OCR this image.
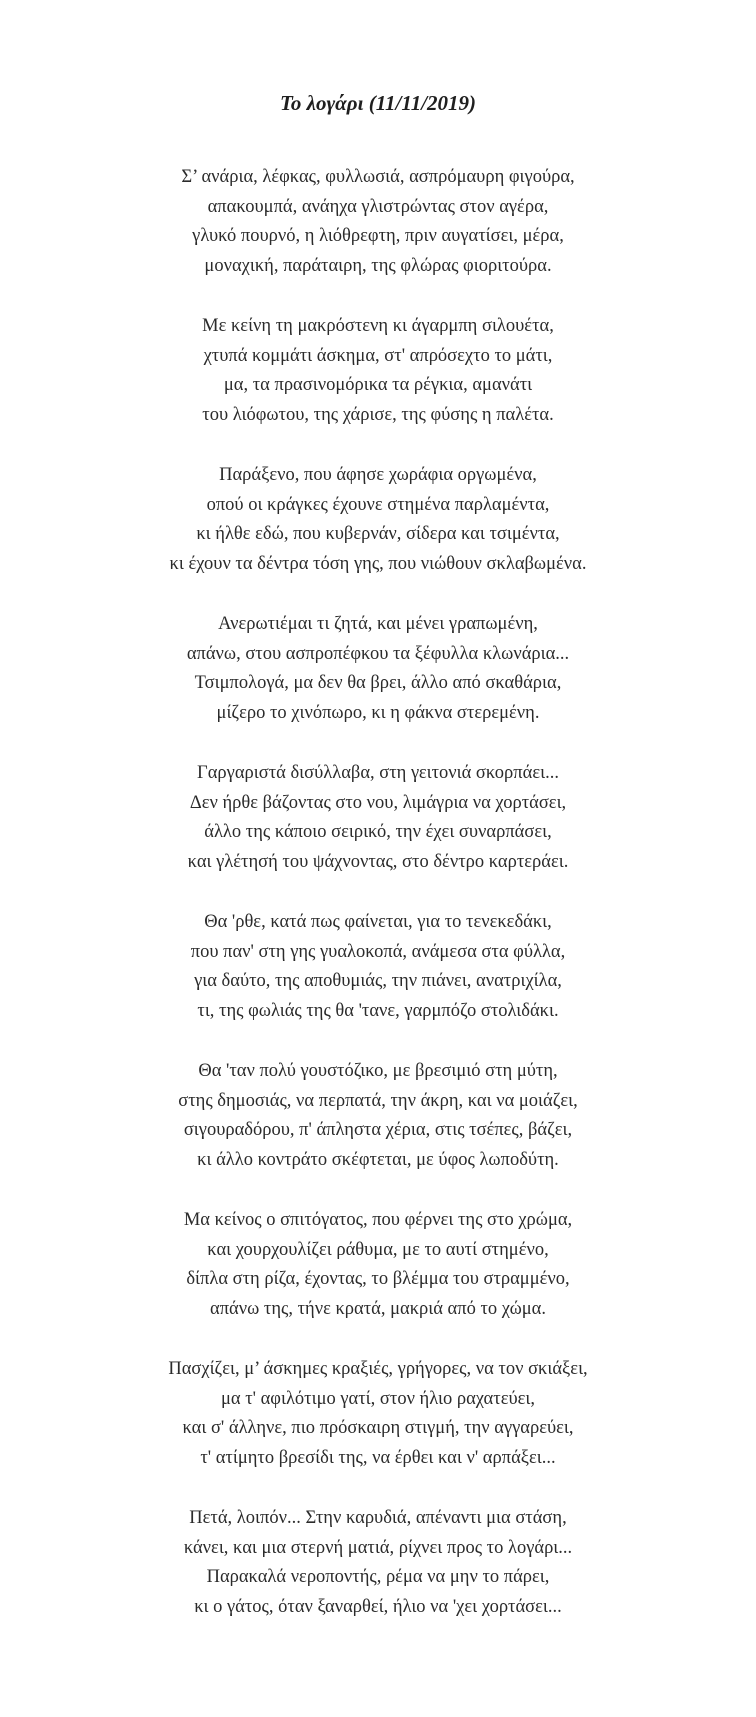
Το λογάρι (11/11/2019)
Σ’ ανάρια, λέφκας, φυλλωσιά, ασπρόμαυρη φιγούρα,
απακουμπά, ανάηχα γλιστρώντας στον αγέρα,
γλυκό πουρνό, η λιόθρεφτη, πριν αυγατίσει, μέρα,
μοναχική, παράταιρη, της φλώρας φιοριτούρα.
Με κείνη τη μακρόστενη κι άγαρμπη σιλουέτα,
χτυπά κομμάτι άσκημα, στ' απρόσεχτο το μάτι,
μα, τα πρασινομόρικα τα ρέγκια, αμανάτι
του λιόφωτου, της χάρισε, της φύσης η παλέτα.
Παράξενο, που άφησε χωράφια οργωμένα,
οπού οι κράγκες έχουνε στημένα παρλαμέντα,
κι ήλθε εδώ, που κυβερνάν, σίδερα και τσιμέντα,
κι έχουν τα δέντρα τόση γης, που νιώθουν σκλαβωμένα.
Ανερωτιέμαι τι ζητά, και μένει γραπωμένη,
απάνω, στου ασπροπέφκου τα ξέφυλλα κλωνάρια...
Τσιμπολογά, μα δεν θα βρει, άλλο από σκαθάρια,
μίζερο το χινόπωρο, κι η φάκνα στερεμένη.
Γαργαριστά δισύλλαβα, στη γειτονιά σκορπάει...
Δεν ήρθε βάζοντας στο νου, λιμάγρια να χορτάσει,
άλλο της κάποιο σειρικό, την έχει συναρπάσει,
και γλέτησή του ψάχνοντας, στο δέντρο καρτεράει.
Θα 'ρθε, κατά πως φαίνεται, για το τενεκεδάκι,
που παν' στη γης γυαλοκοπά, ανάμεσα στα φύλλα,
για δαύτο, της αποθυμιάς, την πιάνει, ανατριχίλα,
τι, της φωλιάς της θα 'τανε, γαρμπόζο στολιδάκι.
Θα 'ταν πολύ γουστόζικο, με βρεσιμιό στη μύτη,
στης δημοσιάς, να περπατά, την άκρη, και να μοιάζει,
σιγουραδόρου, π' άπληστα χέρια, στις τσέπες, βάζει,
κι άλλο κοντράτο σκέφτεται, με ύφος λωποδύτη.
Μα κείνος ο σπιτόγατος, που φέρνει της στο χρώμα,
και χουρχουλίζει ράθυμα, με το αυτί στημένο,
δίπλα στη ρίζα, έχοντας, το βλέμμα του στραμμένο,
απάνω της, τήνε κρατά, μακριά από το χώμα.
Πασχίζει, μ’ άσκημες κραξιές, γρήγορες, να τον σκιάξει,
μα τ' αφιλότιμο γατί, στον ήλιο ραχατεύει,
και σ' άλληνε, πιο πρόσκαιρη στιγμή, την αγγαρεύει,
τ' ατίμητο βρεσίδι της, να έρθει και ν' αρπάξει...
Πετά, λοιπόν... Στην καρυδιά, απέναντι μια στάση,
κάνει, και μια στερνή ματιά, ρίχνει προς το λογάρι...
Παρακαλά νεροποντής, ρέμα να μην το πάρει,
κι ο γάτος, όταν ξαναρθεί, ήλιο να 'χει χορτάσει...
